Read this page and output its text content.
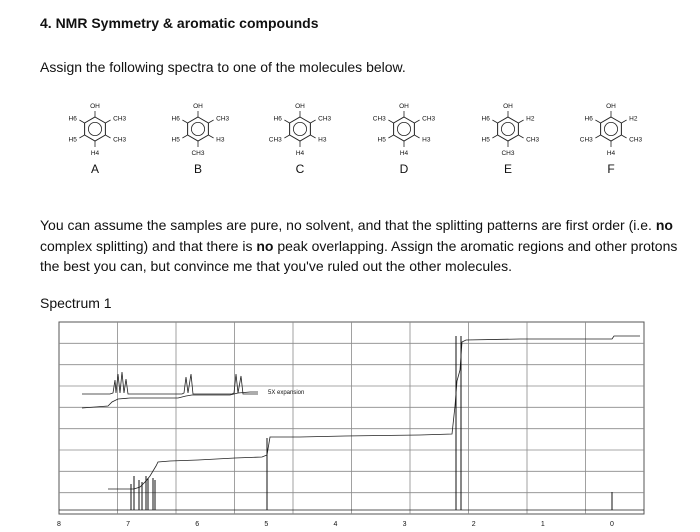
4. NMR Symmetry & aromatic compounds
Assign the following spectra to one of the molecules below.
OH
CH3
CH3
H4
H5
H6
A
OH
CH3
H3
CH3
H5
H6
B
OH
CH3
H3
H4
CH3
H6
C
OH
CH3
H3
H4
H5
CH3
D
OH
H2
CH3
CH3
H5
H6
E
OH
H2
CH3
H4
CH3
H6
F
You can assume the samples are pure, no solvent, and that the splitting patterns are first order (i.e. no complex splitting) and that there is no peak overlapping. Assign the aromatic regions and other protons the best you can, but convince me that you've ruled out the other molecules.
Spectrum 1
5X expansion
8	7	6	5	4	3	2	1	0
